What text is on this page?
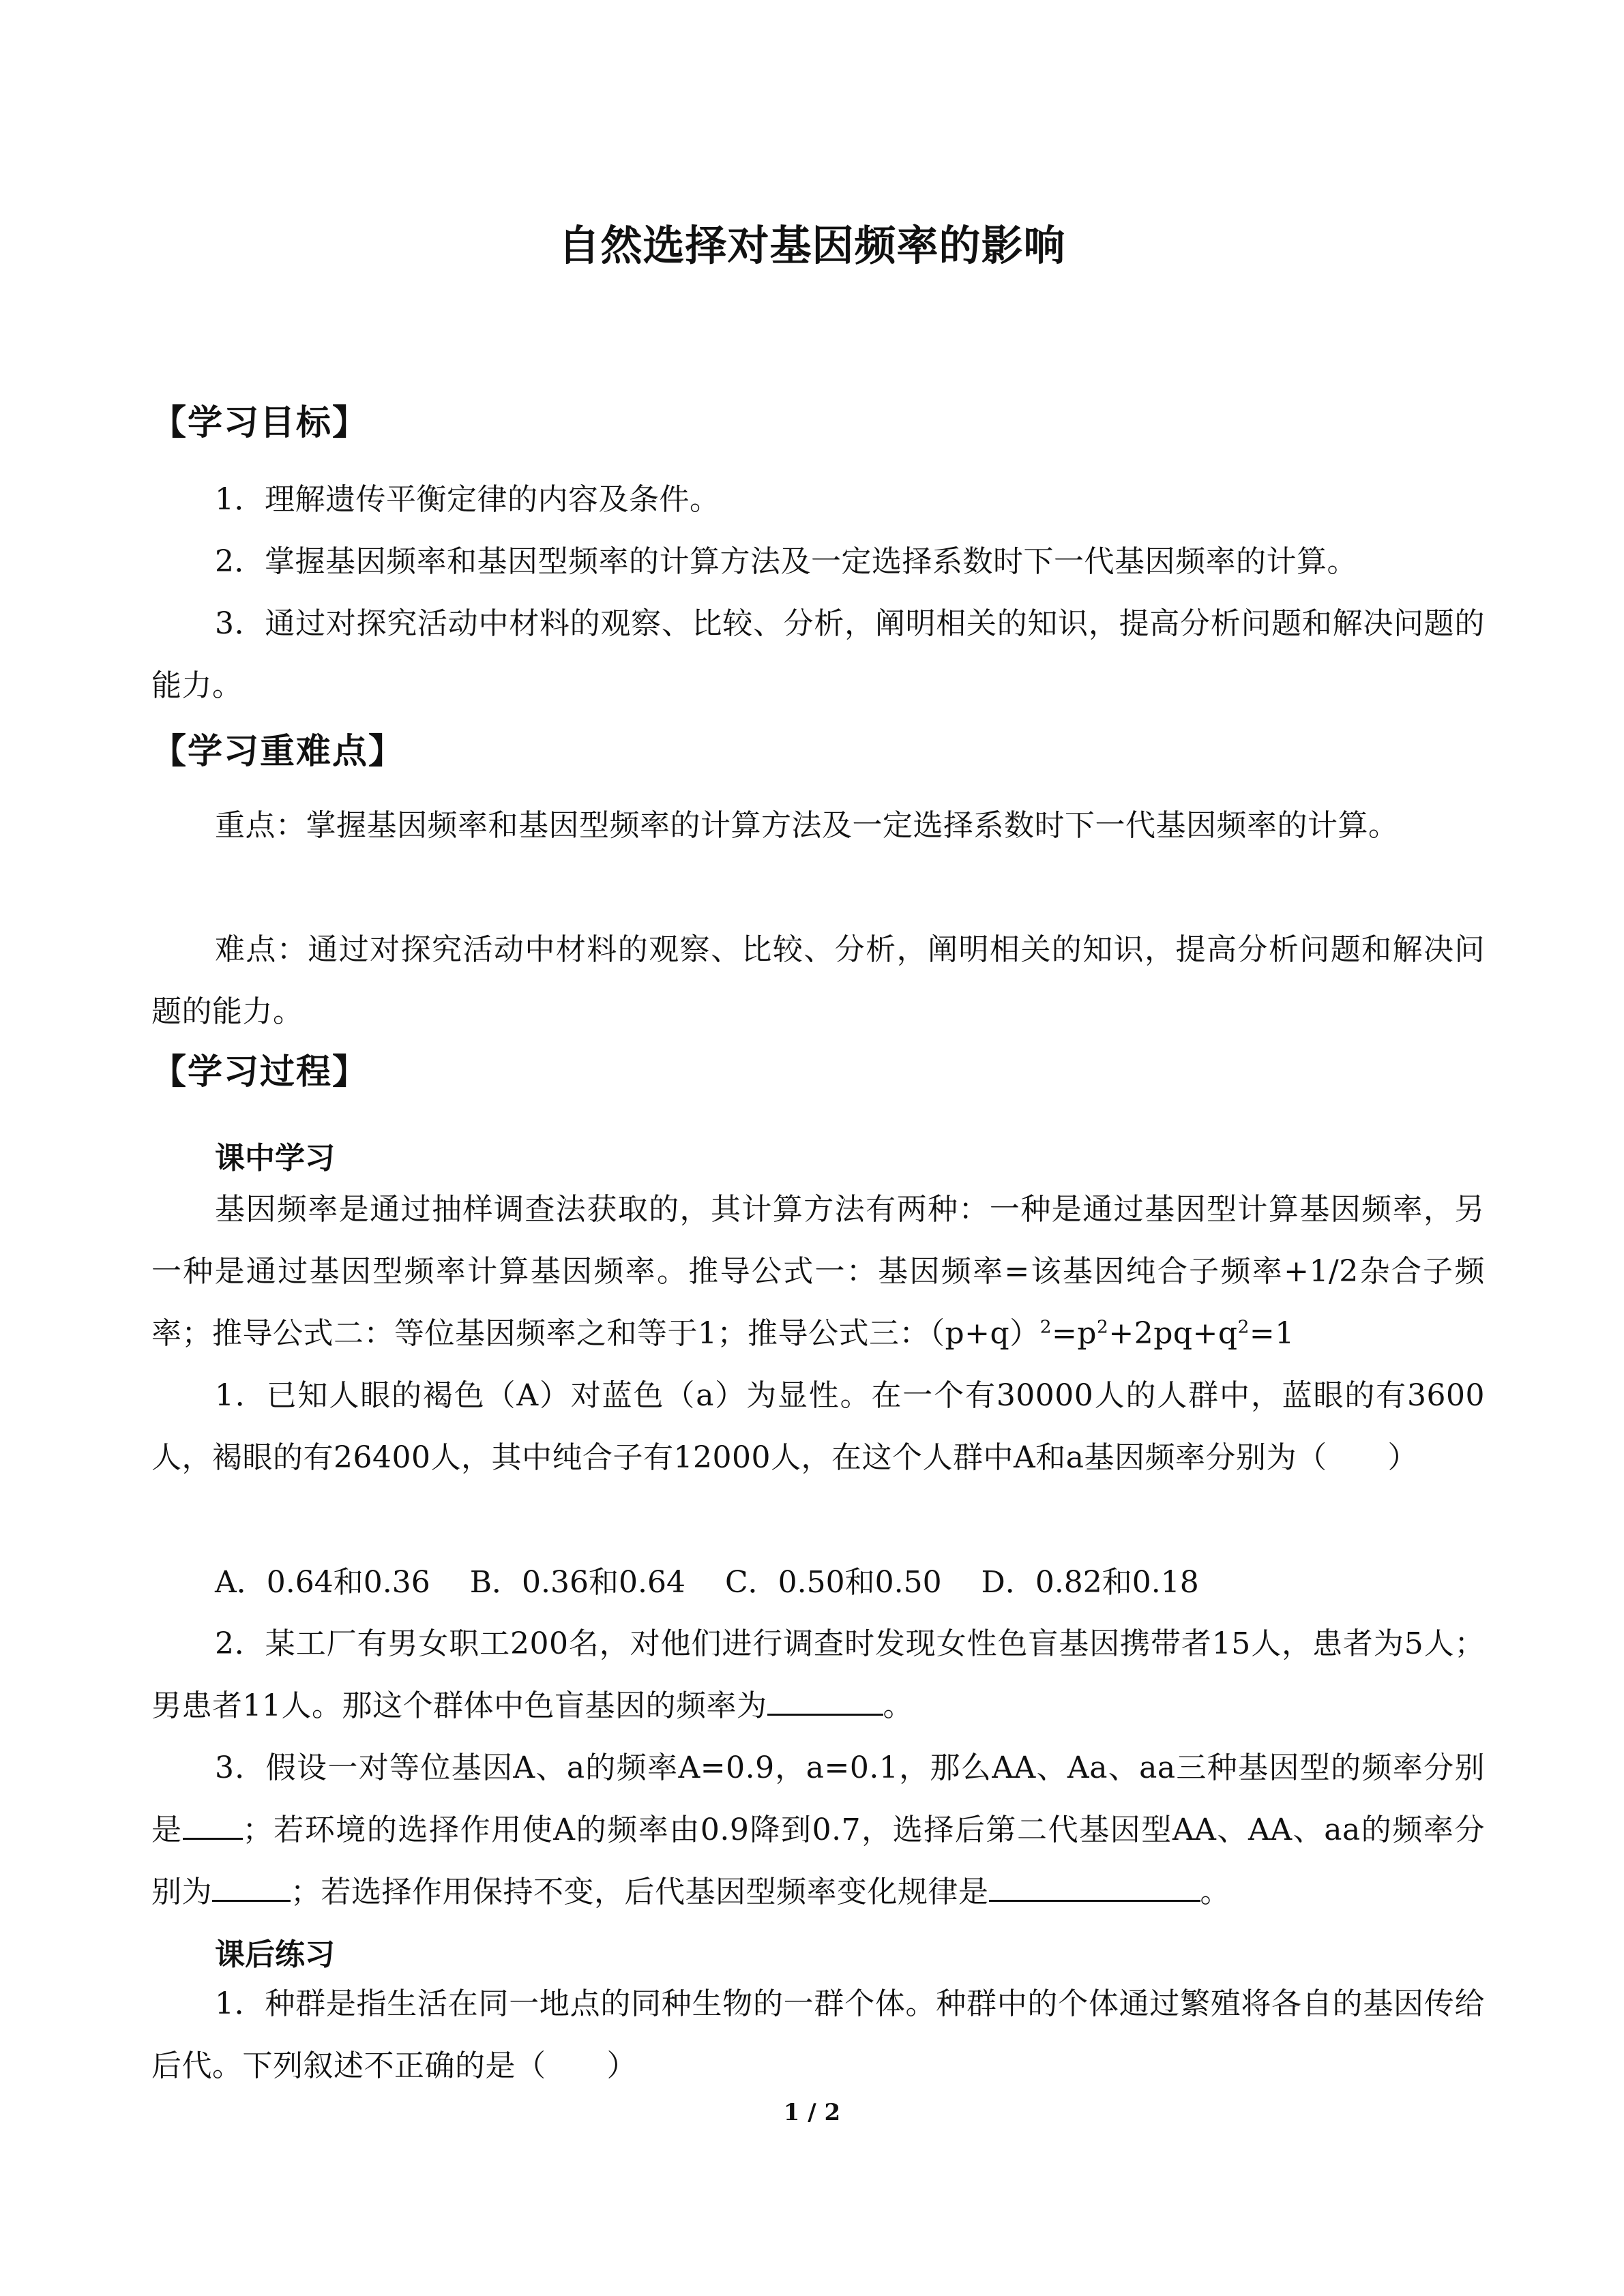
自然选择对基因频率的影响
【学习目标】
1．理解遗传平衡定律的内容及条件。
2．掌握基因频率和基因型频率的计算方法及一定选择系数时下一代基因频率的计算。
3．通过对探究活动中材料的观察、比较、分析，阐明相关的知识，提高分析问题和解决问题的能力。
【学习重难点】
重点：掌握基因频率和基因型频率的计算方法及一定选择系数时下一代基因频率的计算。
难点：通过对探究活动中材料的观察、比较、分析，阐明相关的知识，提高分析问题和解决问题的能力。
【学习过程】
课中学习
基因频率是通过抽样调查法获取的，其计算方法有两种：一种是通过基因型计算基因频率，另一种是通过基因型频率计算基因频率。推导公式一：基因频率=该基因纯合子频率+1/2杂合子频率；推导公式二：等位基因频率之和等于1；推导公式三：$(p+q)^2=p^2+2pq+q^2=1$
1．已知人眼的褐色（A）对蓝色（a）为显性。在一个有30000人的人群中，蓝眼的有3600人，褐眼的有26400人，其中纯合子有12000人，在这个人群中A和a基因频率分别为（　　）
A．0.64和0.36　 B．0.36和0.64　 C．0.50和0.50　 D．0.82和0.18
2．某工厂有男女职工200名，对他们进行调查时发现女性色盲基因携带者15人，患者为5人；男患者11人。那这个群体中色盲基因的频率为	。
3．假设一对等位基因A、a的频率A=0.9，a=0.1，那么AA、Aa、aa三种基因型的频率分别是 ；若环境的选择作用使A的频率由0.9降到0.7，选择后第二代基因型AA、AA、aa的频率分别为	；若选择作用保持不变，后代基因型频率变化规律是	。
课后练习
1．种群是指生活在同一地点的同种生物的一群个体。种群中的个体通过繁殖将各自的基因传给后代。下列叙述不正确的是（　　）
1 / 2
